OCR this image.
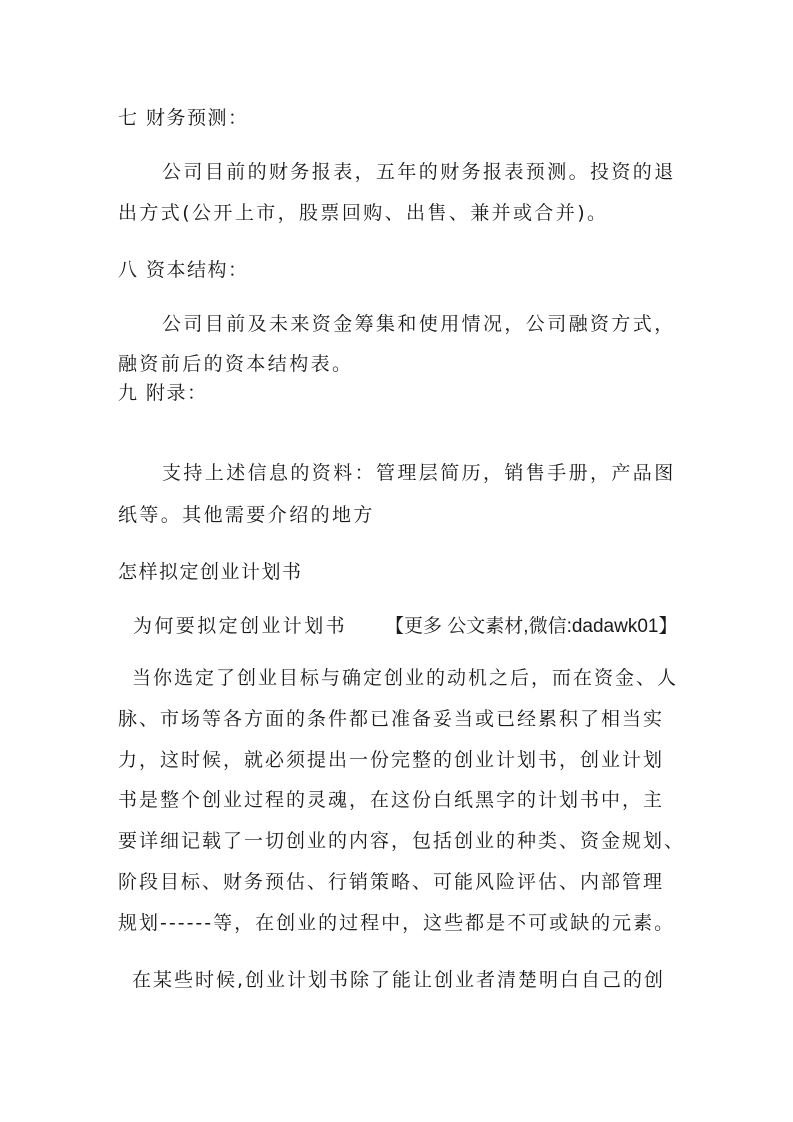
七 财务预测：
公司目前的财务报表，五年的财务报表预测。投资的退
出方式(公开上市，股票回购、出售、兼并或合并)。
八 资本结构：
公司目前及未来资金筹集和使用情况，公司融资方式，
融资前后的资本结构表。
九 附录：
支持上述信息的资料：管理层简历，销售手册，产品图
纸等。其他需要介绍的地方
怎样拟定创业计划书
为何要拟定创业计划书 【更多 公文素材,微信:dadawk01】
当你选定了创业目标与确定创业的动机之后，而在资金、人
脉、市场等各方面的条件都已准备妥当或已经累积了相当实
力，这时候，就必须提出一份完整的创业计划书，创业计划
书是整个创业过程的灵魂，在这份白纸黑字的计划书中，主
要详细记载了一切创业的内容，包括创业的种类、资金规划、
阶段目标、财务预估、行销策略、可能风险评估、内部管理
规划------等，在创业的过程中，这些都是不可或缺的元素。
在某些时候,创业计划书除了能让创业者清楚明白自己的创
